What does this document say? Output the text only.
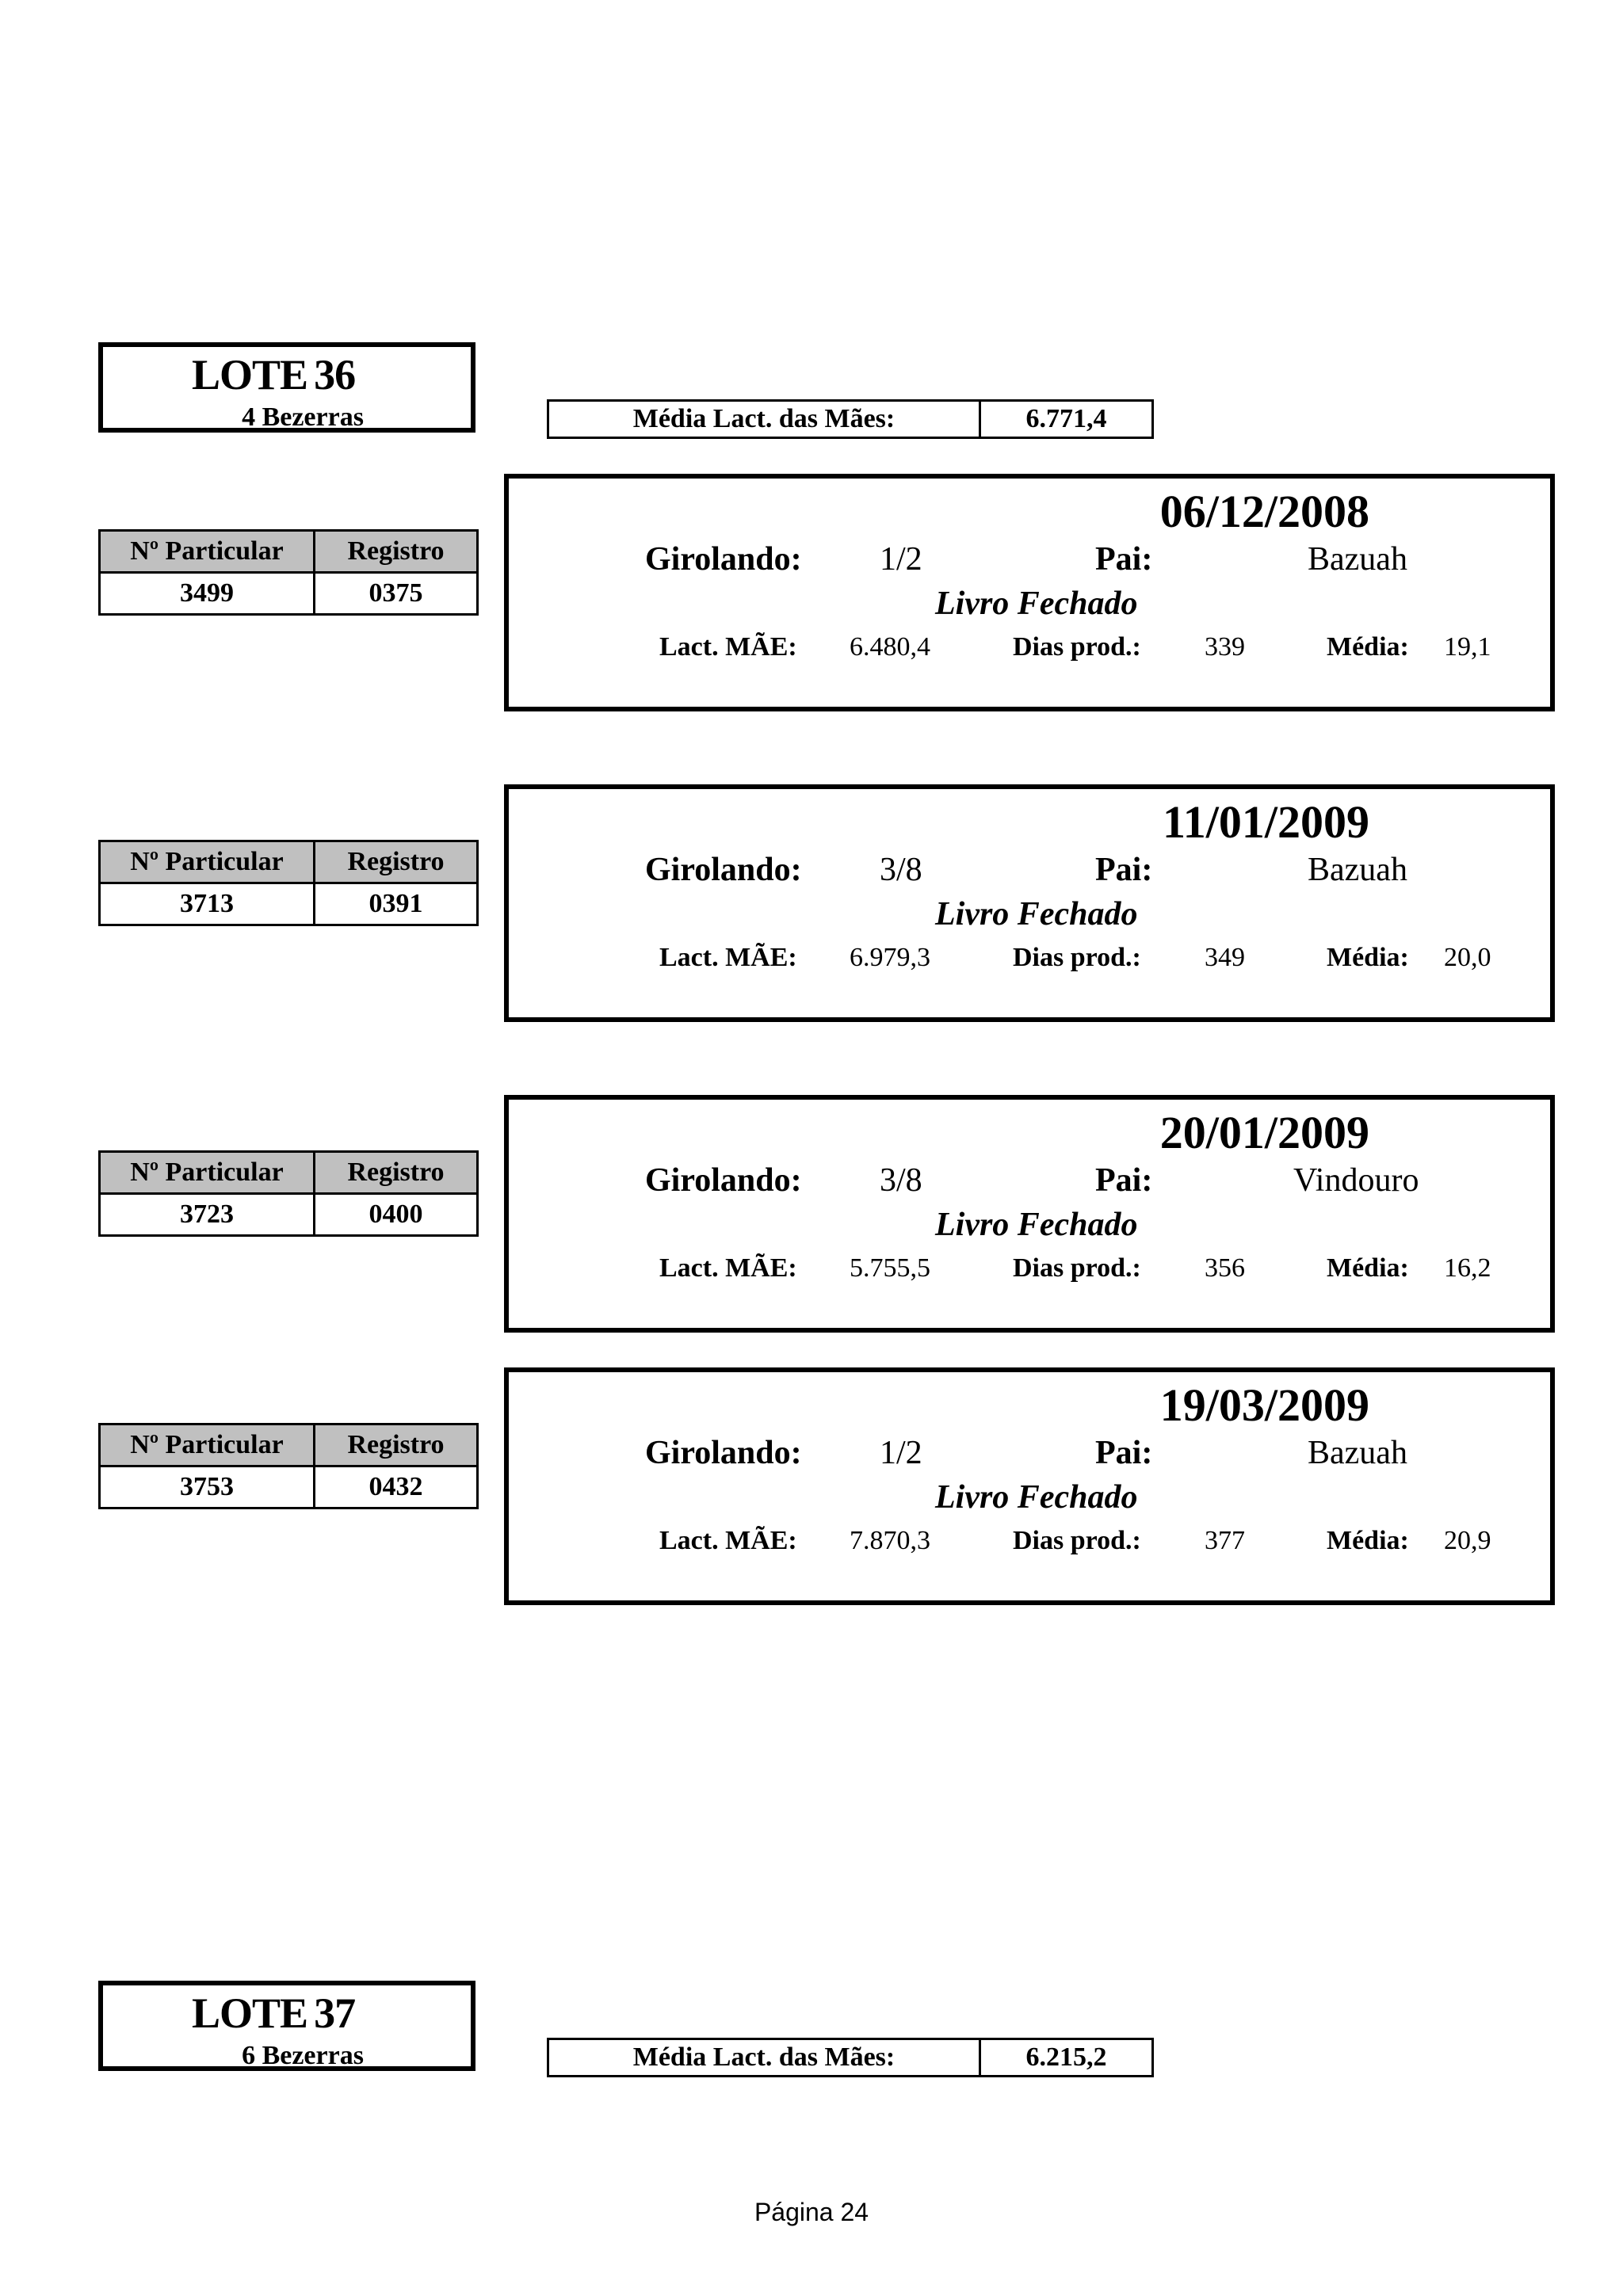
LOTE 36
4 Bezerras	Média Lact. das Mães:	6.771,4
Nº Particular	Registro
3499	0375
06/12/2008
Girolando: 1/2	Pai:	Bazuah
Livro Fechado
Lact. MÃE: 6.480,4	Dias prod.: 339	Média: 19,1
Nº Particular	Registro
3713	0391
11/01/2009
Girolando: 3/8	Pai:	Bazuah
Livro Fechado
Lact. MÃE: 6.979,3	Dias prod.: 349	Média: 20,0
Nº Particular	Registro
3723	0400
20/01/2009
Girolando: 3/8	Pai:	Vindouro
Livro Fechado
Lact. MÃE: 5.755,5	Dias prod.: 356	Média: 16,2
Nº Particular	Registro
3753	0432
19/03/2009
Girolando: 1/2	Pai:	Bazuah
Livro Fechado
Lact. MÃE: 7.870,3	Dias prod.: 377	Média: 20,9
LOTE 37
6 Bezerras	Média Lact. das Mães:	6.215,2
Página 24
